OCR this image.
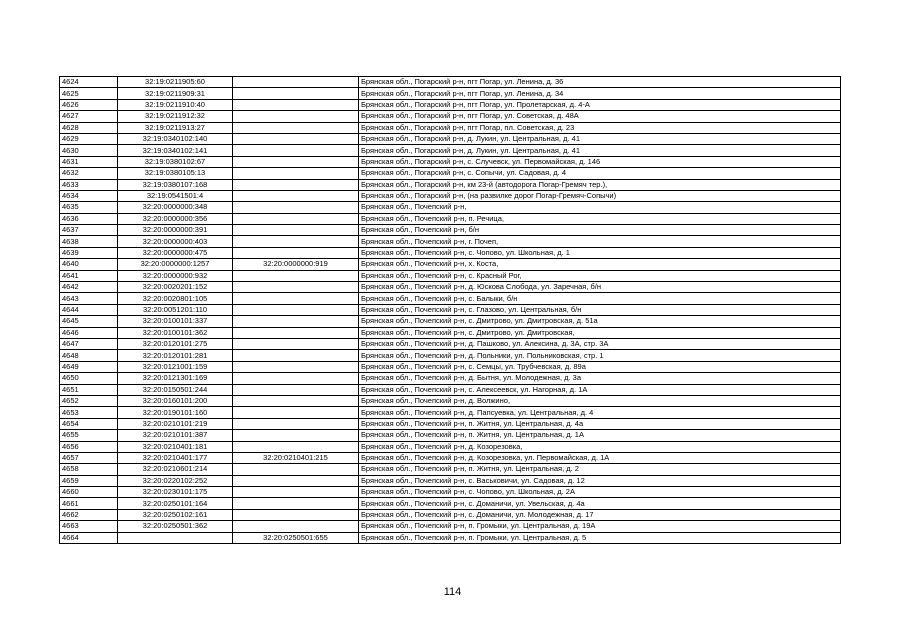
4624	32:19:0211905:60		Брянская обл., Погарский р-н, пгт Погар, ул. Ленина, д. 36
4625	32:19:0211909:31		Брянская обл., Погарский р-н, пгт Погар, ул. Ленина, д. 34
4626	32:19:0211910:40		Брянская обл., Погарский р-н, пгт Погар, ул. Пролетарская, д. 4-А
4627	32:19:0211912:32		Брянская обл., Погарский р-н, пгт Погар, ул. Советская, д. 48А
4628	32:19:0211913:27		Брянская обл., Погарский р-н, пгт Погар, пл. Советская, д. 23
4629	32:19:0340102:140		Брянская обл., Погарский р-н, д. Лукин, ул. Центральная, д. 41
4630	32:19:0340102:141		Брянская обл., Погарский р-н, д. Лукин, ул. Центральная, д. 41
4631	32:19:0380102:67		Брянская обл., Погарский р-н, с. Случевск, ул. Первомайская, д. 146
4632	32:19:0380105:13		Брянская обл., Погарский р-н, с. Сопычи, ул. Садовая, д. 4
4633	32:19:0380107:168		Брянская обл., Погарский р-н, км 23-й (автодорога Погар-Гремяч тер.),
4634	32:19:0541501:4		Брянская обл., Погарский р-н, (на развилке дорог Погар-Гремяч-Сопычи)
4635	32:20:0000000:348		Брянская обл., Почепский р-н,
4636	32:20:0000000:356		Брянская обл., Почепский р-н, п. Речица,
4637	32:20:0000000:391		Брянская обл., Почепский р-н, б/н
4638	32:20:0000000:403		Брянская обл., Почепский р-н, г. Почеп,
4639	32:20:0000000:475		Брянская обл., Почепский р-н, с. Чопово, ул. Школьная, д. 1
4640	32:20:0000000:1257	32:20:0000000:919	Брянская обл., Почепский р-н, х. Коста,
4641	32:20:0000000:932		Брянская обл., Почепский р-н, с. Красный Рог,
4642	32:20:0020201:152		Брянская обл., Почепский р-н, д. Юскова Слобода, ул. Заречная, б/н
4643	32:20:0020801:105		Брянская обл., Почепский р-н, с. Балыки, б/н
4644	32:20:0051201:110		Брянская обл., Почепский р-н, с. Глазово, ул. Центральная, б/н
4645	32:20:0100101:337		Брянская обл., Почепский р-н, с. Дмитрово, ул. Дмитровская, д. 51а
4646	32:20:0100101:362		Брянская обл., Почепский р-н, с. Дмитрово, ул. Дмитровская,
4647	32:20:0120101:275		Брянская обл., Почепский р-н, д. Пашково, ул. Алексина, д. 3А, стр. 3А
4648	32:20:0120101:281		Брянская обл., Почепский р-н, д. Польники, ул. Польниковская, стр. 1
4649	32:20:0121001:159		Брянская обл., Почепский р-н, с. Семцы, ул. Трубчевская, д. 89а
4650	32:20:0121301:169		Брянская обл., Почепский р-н, д. Бытня, ул. Молодежная, д. 3а
4651	32:20:0150501:244		Брянская обл., Почепский р-н, с. Алексеевск, ул. Нагорная, д. 1А
4652	32:20:0160101:200		Брянская обл., Почепский р-н, д. Волжино,
4653	32:20:0190101:160		Брянская обл., Почепский р-н, д. Папсуевка, ул. Центральная, д. 4
4654	32:20:0210101:219		Брянская обл., Почепский р-н, п. Житня, ул. Центральная, д. 4а
4655	32:20:0210101:387		Брянская обл., Почепский р-н, п. Житня, ул. Центральная, д. 1А
4656	32:20:0210401:181		Брянская обл., Почепский р-н, д. Козорезовка,
4657	32:20:0210401:177	32:20:0210401:215	Брянская обл., Почепский р-н, д. Козорезовка, ул. Первомайская, д. 1А
4658	32:20:0210601:214		Брянская обл., Почепский р-н, п. Житня, ул. Центральная, д. 2
4659	32:20:0220102:252		Брянская обл., Почепский р-н, с. Васьковичи, ул. Садовая, д. 12
4660	32:20:0230101:175		Брянская обл., Почепский р-н, с. Чопово, ул. Школьная, д. 2А
4661	32:20:0250101:164		Брянская обл., Почепский р-н, с. Доманичи, ул. Увельская, д. 4а
4662	32:20:0250102:161		Брянская обл., Почепский р-н, с. Доманичи, ул. Молодежная, д. 17
4663	32:20:0250501:362		Брянская обл., Почепский р-н, п. Громыки, ул. Центральная, д. 19А
4664		32:20:0250501:655	Брянская обл., Почепский р-н, п. Громыки, ул. Центральная, д. 5
114
